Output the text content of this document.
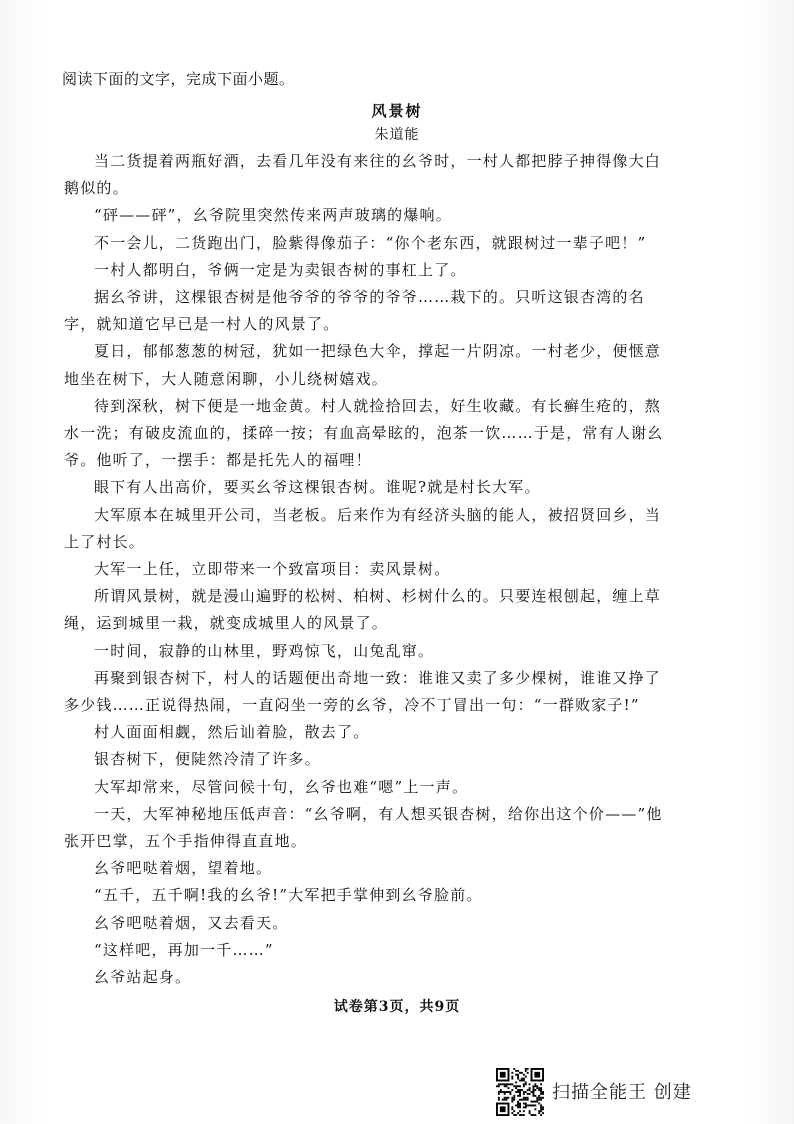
阅读下面的文字，完成下面小题。
风景树
朱道能

当二货提着两瓶好酒，去看几年没有来往的幺爷时，一村人都把脖子抻得像大白鹅似的。

“砰——砰”，幺爷院里突然传来两声玻璃的爆响。

不一会儿，二货跑出门，脸紫得像茄子：“你个老东西，就跟树过一辈子吧！”

一村人都明白，爷俩一定是为卖银杏树的事杠上了。

据幺爷讲，这棵银杏树是他爷爷的爷爷的爷爷……栽下的。只听这银杏湾的名字，就知道它早已是一村人的风景了。

夏日，郁郁葱葱的树冠，犹如一把绿色大伞，撑起一片阴凉。一村老少，便惬意地坐在树下，大人随意闲聊，小儿绕树嬉戏。

待到深秋，树下便是一地金黄。村人就捡拾回去，好生收藏。有长癣生疮的，熬水一洗；有破皮流血的，揉碎一按；有血高晕眩的，泡茶一饮……于是，常有人谢幺爷。他听了，一摆手：都是托先人的福哩！

眼下有人出高价，要买幺爷这棵银杏树。谁呢?就是村长大军。

大军原本在城里开公司，当老板。后来作为有经济头脑的能人，被招贤回乡，当上了村长。

大军一上任，立即带来一个致富项目：卖风景树。

所谓风景树，就是漫山遍野的松树、柏树、杉树什么的。只要连根刨起，缠上草绳，运到城里一栽，就变成城里人的风景了。

一时间，寂静的山林里，野鸡惊飞，山兔乱窜。

再聚到银杏树下，村人的话题便出奇地一致：谁谁又卖了多少棵树，谁谁又挣了多少钱……正说得热闹，一直闷坐一旁的幺爷，冷不丁冒出一句：“一群败家子!”

村人面面相觑，然后讪着脸，散去了。

银杏树下，便陡然冷清了许多。

大军却常来，尽管问候十句，幺爷也难“嗯”上一声。

一天，大军神秘地压低声音：“幺爷啊，有人想买银杏树，给你出这个价——”他张开巴掌，五个手指伸得直直地。

幺爷吧哒着烟，望着地。

“五千，五千啊!我的幺爷!”大军把手掌伸到幺爷脸前。

幺爷吧哒着烟，又去看天。

“这样吧，再加一千……”

幺爷站起身。

试卷第3页，共9页
扫描全能王 创建
